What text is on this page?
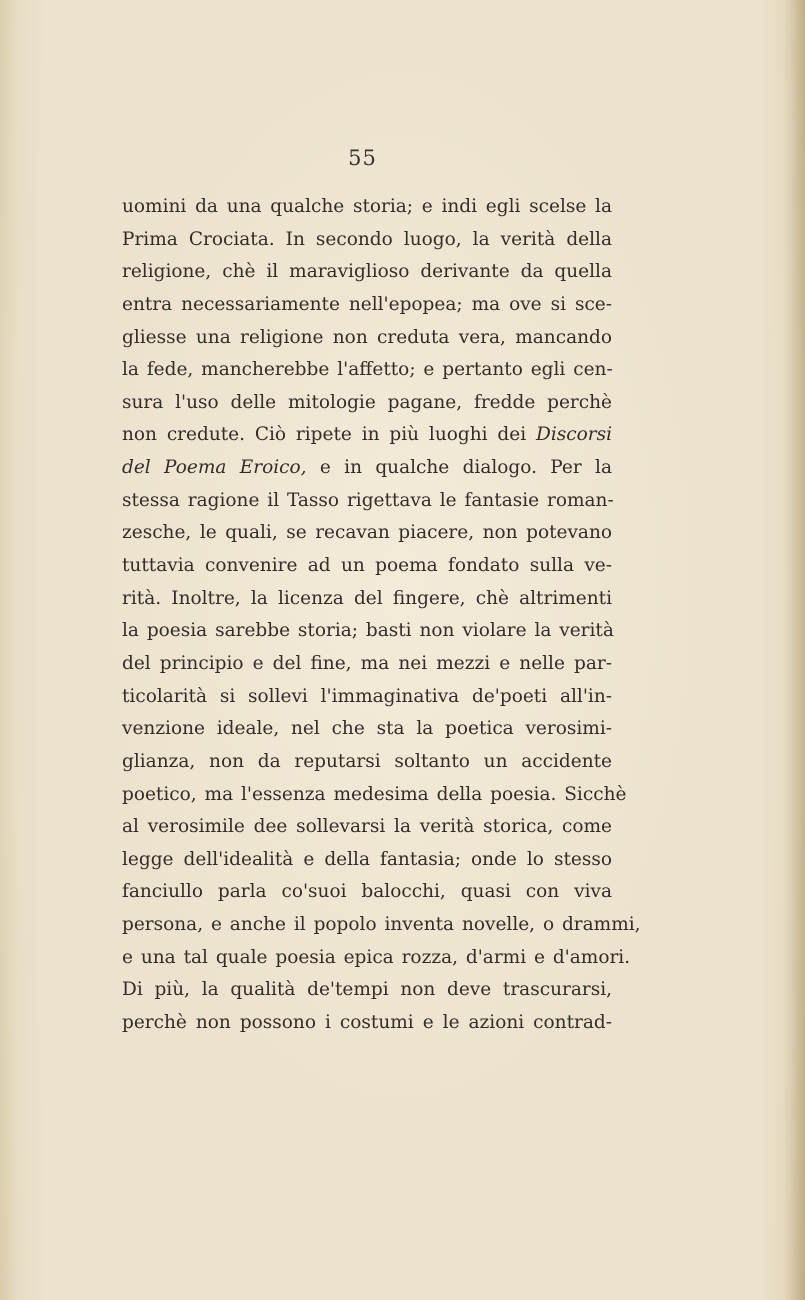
55
uomini da una qualche storia; e indi egli scelse la
Prima Crociata. In secondo luogo, la verità della
religione, chè il maraviglioso derivante da quella
entra necessariamente nell'epopea; ma ove si sce-
gliesse una religione non creduta vera, mancando
la fede, mancherebbe l'affetto; e pertanto egli cen-
sura l'uso delle mitologie pagane, fredde perchè
non credute. Ciò ripete in più luoghi dei Discorsi
del Poema Eroico, e in qualche dialogo. Per la
stessa ragione il Tasso rigettava le fantasie roman-
zesche, le quali, se recavan piacere, non potevano
tuttavia convenire ad un poema fondato sulla ve-
rità. Inoltre, la licenza del fingere, chè altrimenti
la poesia sarebbe storia; basti non violare la verità
del principio e del fine, ma nei mezzi e nelle par-
ticolarità si sollevi l'immaginativa de'poeti all'in-
venzione ideale, nel che sta la poetica verosimi-
glianza, non da reputarsi soltanto un accidente
poetico, ma l'essenza medesima della poesia. Sicchè
al verosimile dee sollevarsi la verità storica, come
legge dell'idealità e della fantasia; onde lo stesso
fanciullo parla co'suoi balocchi, quasi con viva
persona, e anche il popolo inventa novelle, o drammi,
e una tal quale poesia epica rozza, d'armi e d'amori.
Di più, la qualità de'tempi non deve trascurarsi,
perchè non possono i costumi e le azioni contrad-
